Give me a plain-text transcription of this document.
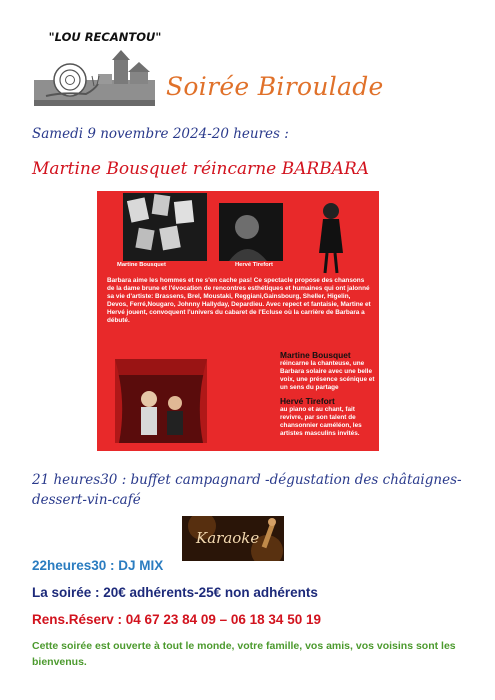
"LOU RECANTOU"
Soirée Biroulade
Samedi 9 novembre 2024-20 heures :
Martine Bousquet réincarne BARBARA
Martine Bousquet	Hervé Tirefort
Barbara aime les hommes et ne s'en cache pas! Ce spectacle propose des chansons de la dame brune et l'évocation de rencontres esthétiques et humaines qui ont jalonné sa vie d'artiste: Brassens, Brel, Moustaki, Reggiani,Gainsbourg, Sheller, Higelin, Devos, Ferré,Nougaro, Johnny Hallyday, Depardieu. Avec repect et fantaisie, Martine et Hervé jouent, convoquent l'univers du cabaret de l'Ecluse où la carrière de Barbara a débuté.
Martine Bousquet
réincarne la chanteuse, une Barbara solaire avec une belle voix, une présence scénique et un sens du partage
Hervé Tirefort
au piano et au chant, fait revivre, par son talent de chansonnier caméléon, les artistes masculins invités.
21 heures30 : buffet campagnard -dégustation des châtaignes-dessert-vin-café
Karaoke
22heures30 : DJ MIX
La soirée : 20€ adhérents-25€ non adhérents
Rens.Réserv : 04 67 23 84 09 – 06 18 34 50 19
Cette soirée est ouverte à tout le monde, votre famille, vos amis, vos voisins sont les bienvenus.
